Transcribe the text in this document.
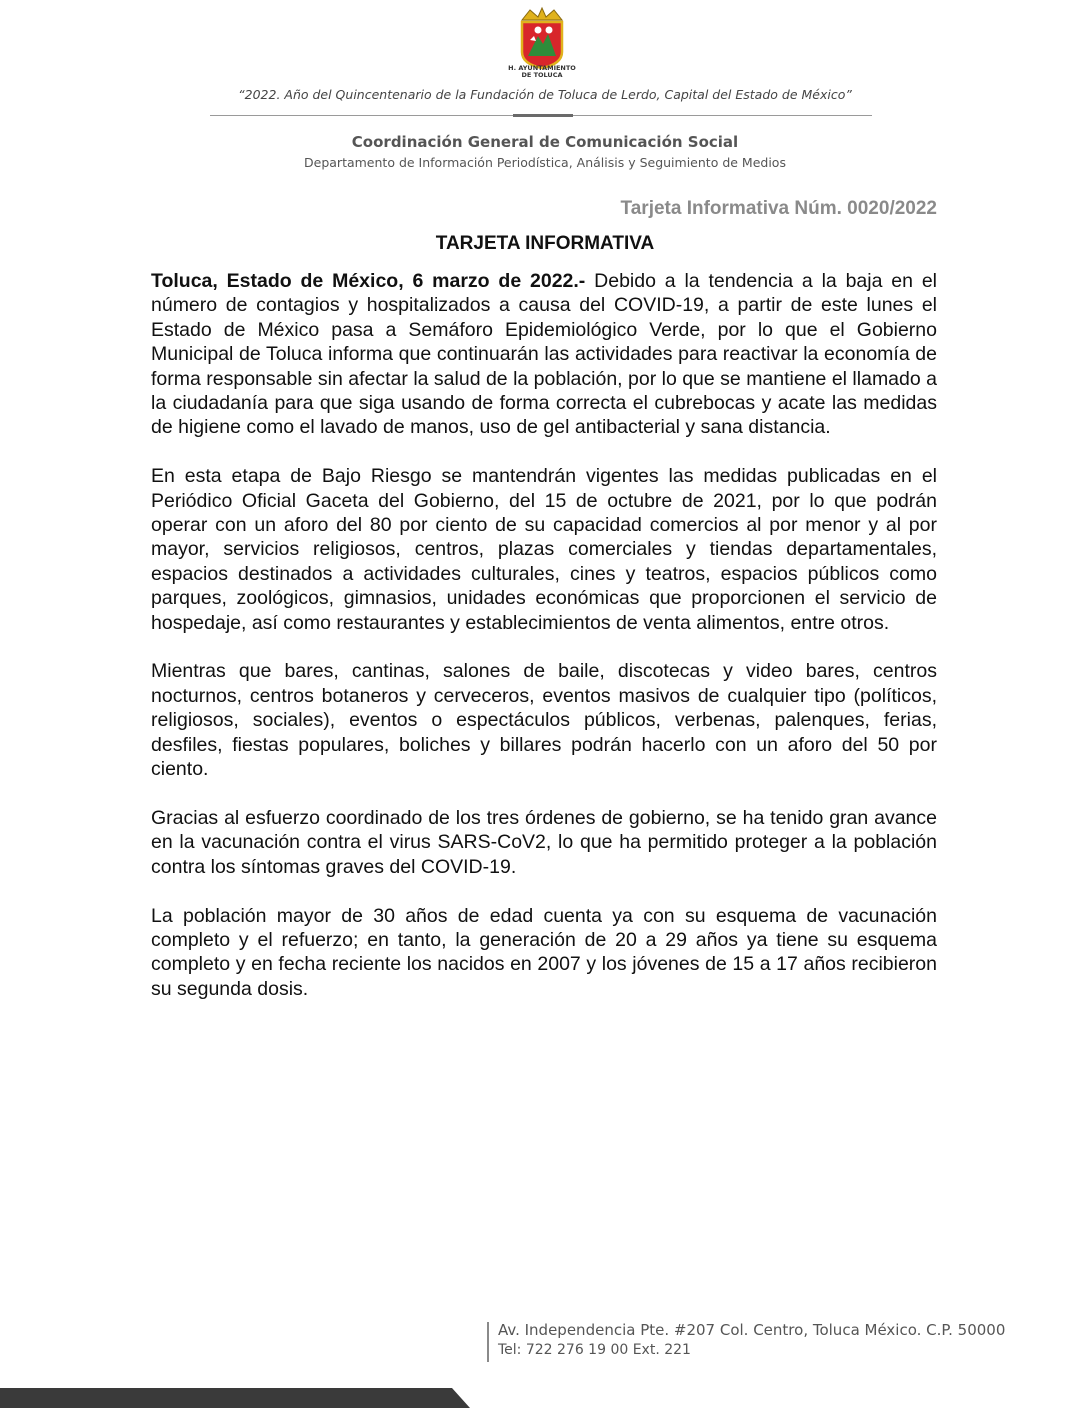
H. AYUNTAMIENTO
DE TOLUCA
“2022. Año del Quincentenario de la Fundación de Toluca de Lerdo, Capital del Estado de México”
Coordinación General de Comunicación Social
Departamento de Información Periodística, Análisis y Seguimiento de Medios
Tarjeta Informativa Núm. 0020/2022
TARJETA INFORMATIVA

Toluca, Estado de México, 6 marzo de 2022.- Debido a la tendencia a la baja en el número de contagios y hospitalizados a causa del COVID-19, a partir de este lunes el Estado de México pasa a Semáforo Epidemiológico Verde, por lo que el Gobierno Municipal de Toluca informa que continuarán las actividades para reactivar la economía de forma responsable sin afectar la salud de la población, por lo que se mantiene el llamado a la ciudadanía para que siga usando de forma correcta el cubrebocas y acate las medidas de higiene como el lavado de manos, uso de gel antibacterial y sana distancia.

En esta etapa de Bajo Riesgo se mantendrán vigentes las medidas publicadas en el Periódico Oficial Gaceta del Gobierno, del 15 de octubre de 2021, por lo que podrán operar con un aforo del 80 por ciento de su capacidad comercios al por menor y al por mayor, servicios religiosos, centros, plazas comerciales y tiendas departamentales, espacios destinados a actividades culturales, cines y teatros, espacios públicos como parques, zoológicos, gimnasios, unidades económicas que proporcionen el servicio de hospedaje, así como restaurantes y establecimientos de venta alimentos, entre otros.

Mientras que bares, cantinas, salones de baile, discotecas y video bares, centros nocturnos, centros botaneros y cerveceros, eventos masivos de cualquier tipo (políticos, religiosos, sociales), eventos o espectáculos públicos, verbenas, palenques, ferias, desfiles, fiestas populares, boliches y billares podrán hacerlo con un aforo del 50 por ciento.

Gracias al esfuerzo coordinado de los tres órdenes de gobierno, se ha tenido gran avance en la vacunación contra el virus SARS-CoV2, lo que ha permitido proteger a la población contra los síntomas graves del COVID-19.

La población mayor de 30 años de edad cuenta ya con su esquema de vacunación completo y el refuerzo; en tanto, la generación de 20 a 29 años ya tiene su esquema completo y en fecha reciente los nacidos en 2007 y los jóvenes de 15 a 17 años recibieron su segunda dosis.

Av. Independencia Pte. #207 Col. Centro, Toluca México. C.P. 50000
Tel: 722 276 19 00 Ext. 221
